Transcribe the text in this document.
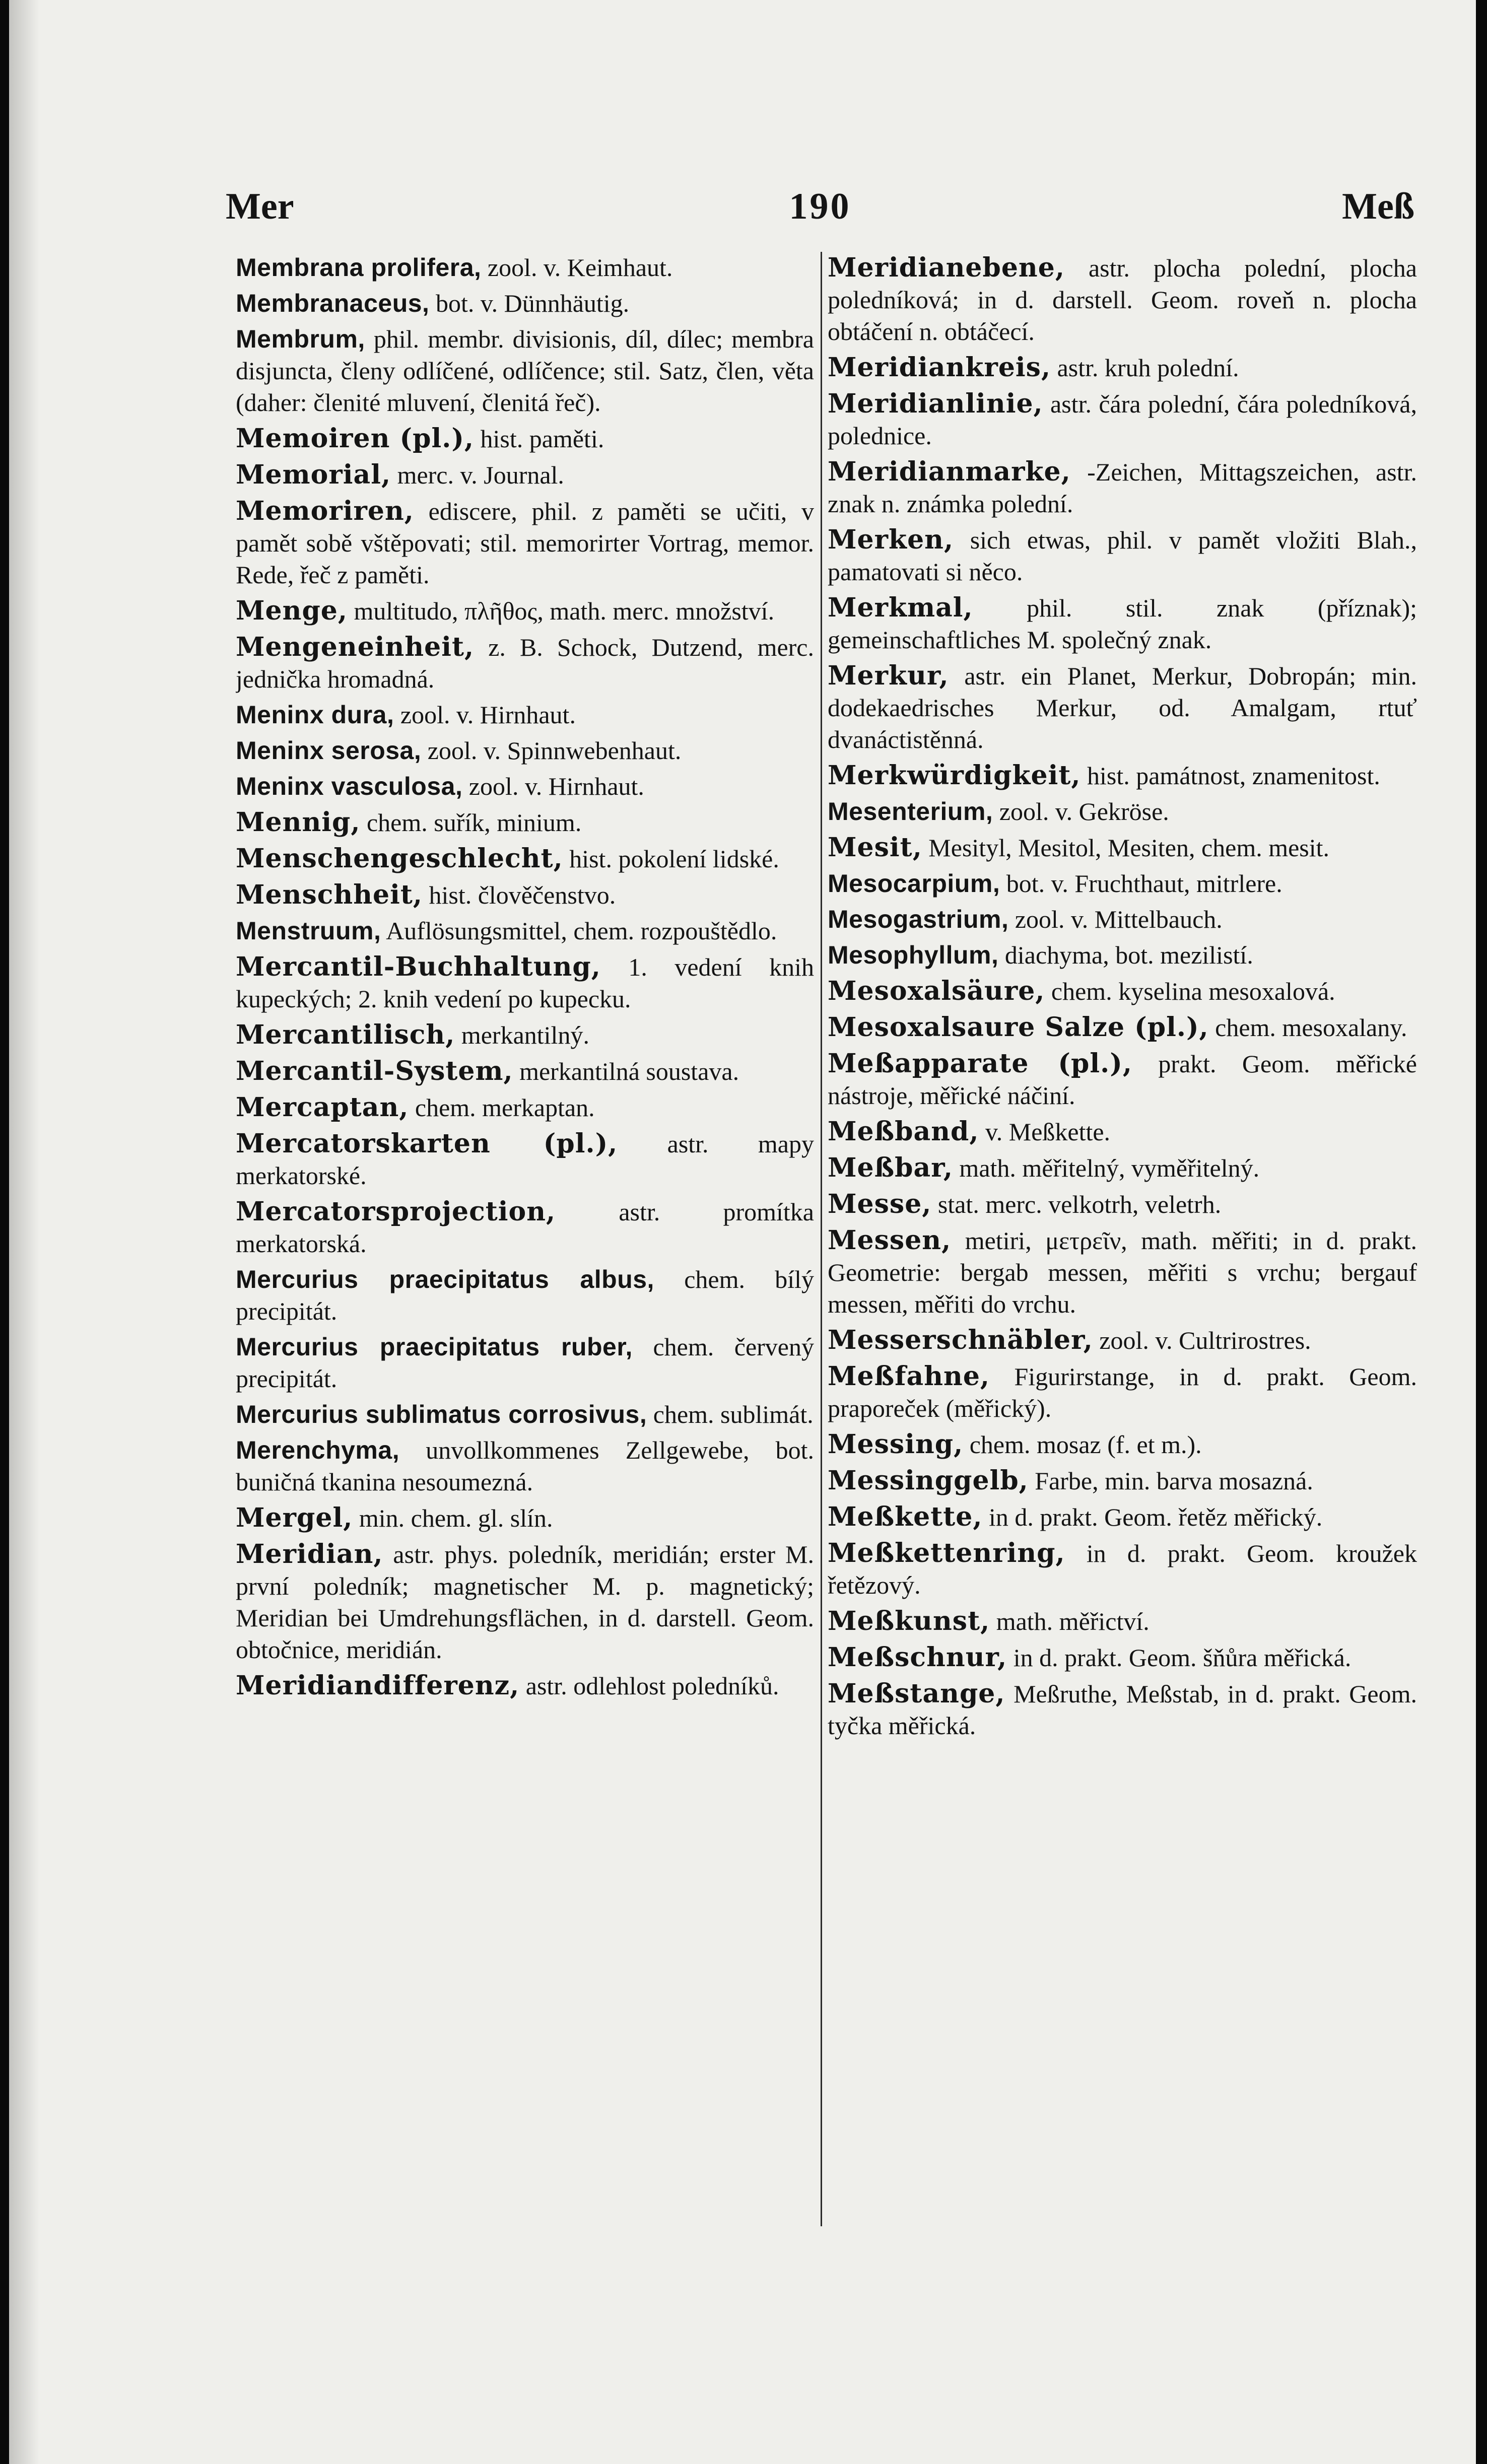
Mer	190	Meß

Membrana prolifera, zool. v. Keimhaut.

Membranaceus, bot. v. Dünnhäutig.

Membrum, phil. membr. divisionis, díl, dílec; membra disjuncta, členy odlíčené, odlíčence; stil. Satz, člen, věta (daher: členité mluvení, členitá řeč).

Memoiren (pl.), hist. paměti.

Memorial, merc. v. Journal.

Memoriren, ediscere, phil. z paměti se učiti, v pamět sobě vštěpovati; stil. memorirter Vortrag, memor. Rede, řeč z paměti.

Menge, multitudo, πλῆθος, math. merc. množství.

Mengeneinheit, z. B. Schock, Dutzend, merc. jednička hromadná.

Meninx dura, zool. v. Hirnhaut.

Meninx serosa, zool. v. Spinnwebenhaut.

Meninx vasculosa, zool. v. Hirnhaut.

Mennig, chem. suřík, minium.

Menschengeschlecht, hist. pokolení lidské.

Menschheit, hist. člověčenstvo.

Menstruum, Auflösungsmittel, chem. rozpouštědlo.

Mercantil-Buchhaltung, 1. vedení knih kupeckých; 2. knih vedení po kupecku.

Mercantilisch, merkantilný.

Mercantil-System, merkantilná soustava.

Mercaptan, chem. merkaptan.

Mercatorskarten (pl.), astr. mapy merkatorské.

Mercatorsprojection, astr. promítka merkatorská.

Mercurius praecipitatus albus, chem. bílý precipitát.

Mercurius praecipitatus ruber, chem. červený precipitát.

Mercurius sublimatus corrosivus, chem. sublimát.

Merenchyma, unvollkommenes Zellgewebe, bot. buničná tkanina nesoumezná.

Mergel, min. chem. gl. slín.

Meridian, astr. phys. poledník, meridián; erster M. první poledník; magnetischer M. p. magnetický; Meridian bei Umdrehungsflächen, in d. darstell. Geom. obtočnice, meridián.

Meridiandifferenz, astr. odlehlost poledníků.

Meridianebene, astr. plocha polední, plocha poledníková; in d. darstell. Geom. roveň n. plocha obtáčení n. obtáčecí.

Meridiankreis, astr. kruh polední.

Meridianlinie, astr. čára polední, čára poledníková, polednice.

Meridianmarke, -Zeichen, Mittagszeichen, astr. znak n. známka polední.

Merken, sich etwas, phil. v pamět vložiti Blah., pamatovati si něco.

Merkmal, phil. stil. znak (příznak); gemeinschaftliches M. společný znak.

Merkur, astr. ein Planet, Merkur, Dobropán; min. dodekaedrisches Merkur, od. Amalgam, rtuť dvanáctistěnná.

Merkwürdigkeit, hist. památnost, znamenitost.

Mesenterium, zool. v. Gekröse.

Mesit, Mesityl, Mesitol, Mesiten, chem. mesit.

Mesocarpium, bot. v. Fruchthaut, mitrlere.

Mesogastrium, zool. v. Mittelbauch.

Mesophyllum, diachyma, bot. mezilistí.

Mesoxalsäure, chem. kyselina mesoxalová.

Mesoxalsaure Salze (pl.), chem. mesoxalany.

Meßapparate (pl.), prakt. Geom. měřické nástroje, měřické náčiní.

Meßband, v. Meßkette.

Meßbar, math. měřitelný, vyměřitelný.

Messe, stat. merc. velkotrh, veletrh.

Messen, metiri, μετρεῖν, math. měřiti; in d. prakt. Geometrie: bergab messen, měřiti s vrchu; bergauf messen, měřiti do vrchu.

Messerschnäbler, zool. v. Cultrirostres.

Meßfahne, Figurirstange, in d. prakt. Geom. praporeček (měřický).

Messing, chem. mosaz (f. et m.).

Messinggelb, Farbe, min. barva mosazná.

Meßkette, in d. prakt. Geom. řetěz měřický.

Meßkettenring, in d. prakt. Geom. kroužek řetězový.

Meßkunst, math. měřictví.

Meßschnur, in d. prakt. Geom. šňůra měřická.

Meßstange, Meßruthe, Meßstab, in d. prakt. Geom. tyčka měřická.
